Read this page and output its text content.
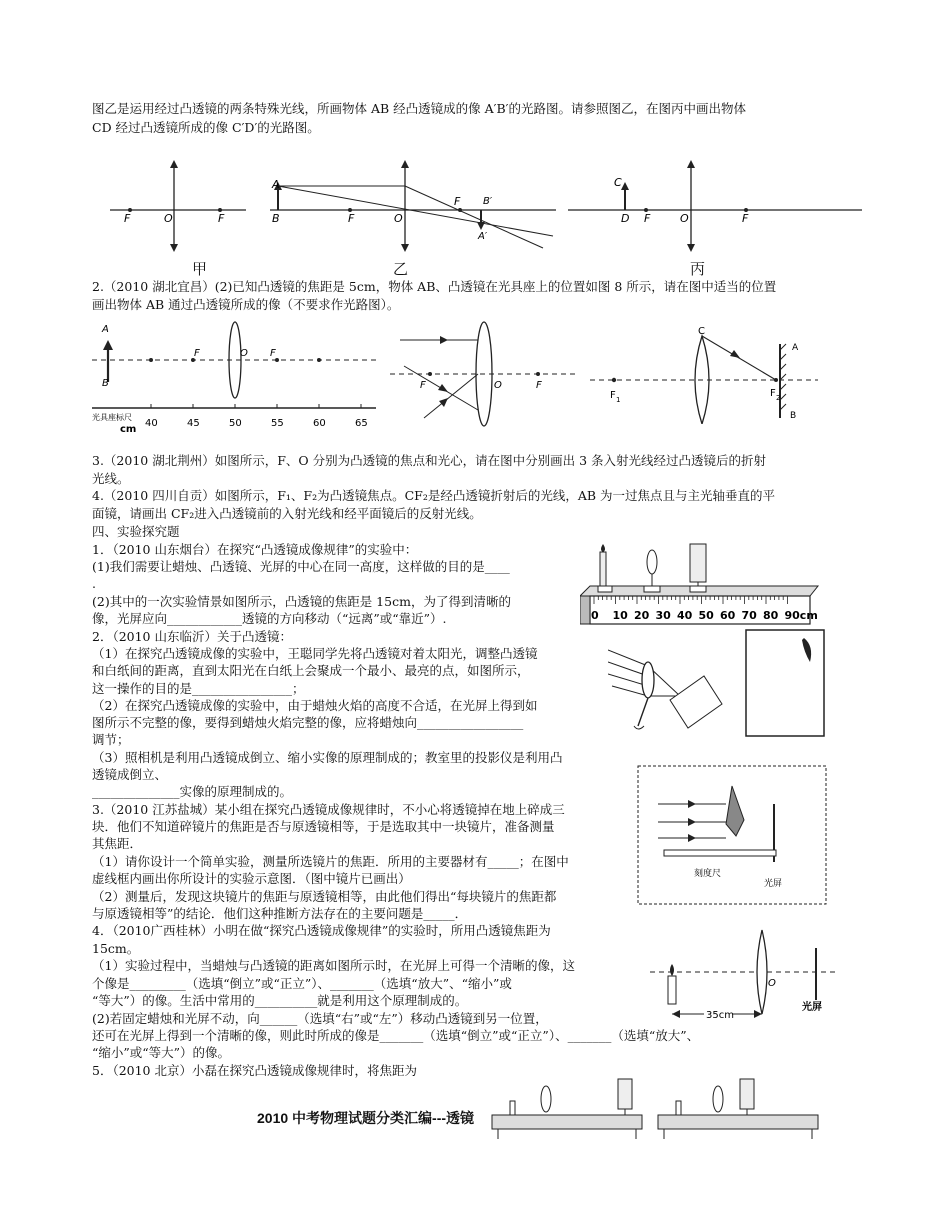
图乙是运用经过凸透镜的两条特殊光线，所画物体 AB 经凸透镜成的像 A′B′的光路图。请参照图乙，在图丙中画出物体
CD 经过凸透镜所成的像 C′D′的光路图。
F	O	F
甲
A
B	F	O
F B′
A′
乙
C
D F	O	F
丙
2.（2010 湖北宜昌）(2)已知凸透镜的焦距是 5cm，物体 AB、凸透镜在光具座上的位置如图 8 所示，请在图中适当的位置
画出物体 AB 通过凸透镜所成的像（不要求作光路图）。
A
B
F	O F
光具座标尺
cm
40	45	50	55	60	65
F	O	F
C
A
B
F 1
F 2
3.（2010 湖北荆州）如图所示，F、O 分别为凸透镜的焦点和光心，请在图中分别画出 3 条入射光线经过凸透镜后的折射
光线。
4.（2010 四川自贡）如图所示，F₁、F₂为凸透镜焦点。CF₂是经凸透镜折射后的光线，AB 为一过焦点且与主光轴垂直的平
面镜，请画出 CF₂进入凸透镜前的入射光线和经平面镜后的反射光线。
四、实验探究题
1．（2010 山东烟台）在探究“凸透镜成像规律”的实验中：
(1)我们需要让蜡烛、凸透镜、光屏的中心在同一高度，这样做的目的是____
.
(2)其中的一次实验情景如图所示，凸透镜的焦距是 15cm，为了得到清晰的
像，光屏应向____________透镜的方向移动（“远离”或“靠近”）.	0 10 20 30 40 50 60 70 80 90cm
2．（2010 山东临沂）关于凸透镜：
（1）在探究凸透镜成像的实验中，王聪同学先将凸透镜对着太阳光，调整凸透镜
和白纸间的距离，直到太阳光在白纸上会聚成一个最小、最亮的点，如图所示，
这一操作的目的是________________；
（2）在探究凸透镜成像的实验中，由于蜡烛火焰的高度不合适，在光屏上得到如
图所示不完整的像，要得到蜡烛火焰完整的像，应将蜡烛向_________________
调节；
（3）照相机是利用凸透镜成倒立、缩小实像的原理制成的；教室里的投影仪是利用凸
透镜成倒立、
______________实像的原理制成的。
3.（2010 江苏盐城）某小组在探究凸透镜成像规律时，不小心将透镜掉在地上碎成三
块．他们不知道碎镜片的焦距是否与原透镜相等，于是选取其中一块镜片，准备测量
其焦距．
（1）请你设计一个简单实验，测量所选镜片的焦距．所用的主要器材有_____；在图中
虚线框内画出你所设计的实验示意图．（图中镜片已画出）
（2）测量后，发现这块镜片的焦距与原透镜相等，由此他们得出“每块镜片的焦距都
与原透镜相等”的结论．他们这种推断方法存在的主要问题是_____．
刻度尺
光屏
4．（2010广西桂林）小明在做“探究凸透镜成像规律”的实验时，所用凸透镜焦距为
15cm。
（1）实验过程中，当蜡烛与凸透镜的距离如图所示时，在光屏上可得一个清晰的像，这
个像是_________（选填“倒立”或“正立”）、_______（选填“放大”、“缩小”或
“等大”）的像。生活中常用的__________就是利用这个原理制成的。
(2)若固定蜡烛和光屏不动，向______（选填“右”或“左”）移动凸透镜到另一位置，
还可在光屏上得到一个清晰的像，则此时所成的像是_______（选填“倒立”或“正立”）、_______（选填“放大”、
“缩小”或“等大”）的像。
35cm
O
光屏
5．（2010 北京）小磊在探究凸透镜成像规律时，将焦距为
2010 中考物理试题分类汇编---透镜
